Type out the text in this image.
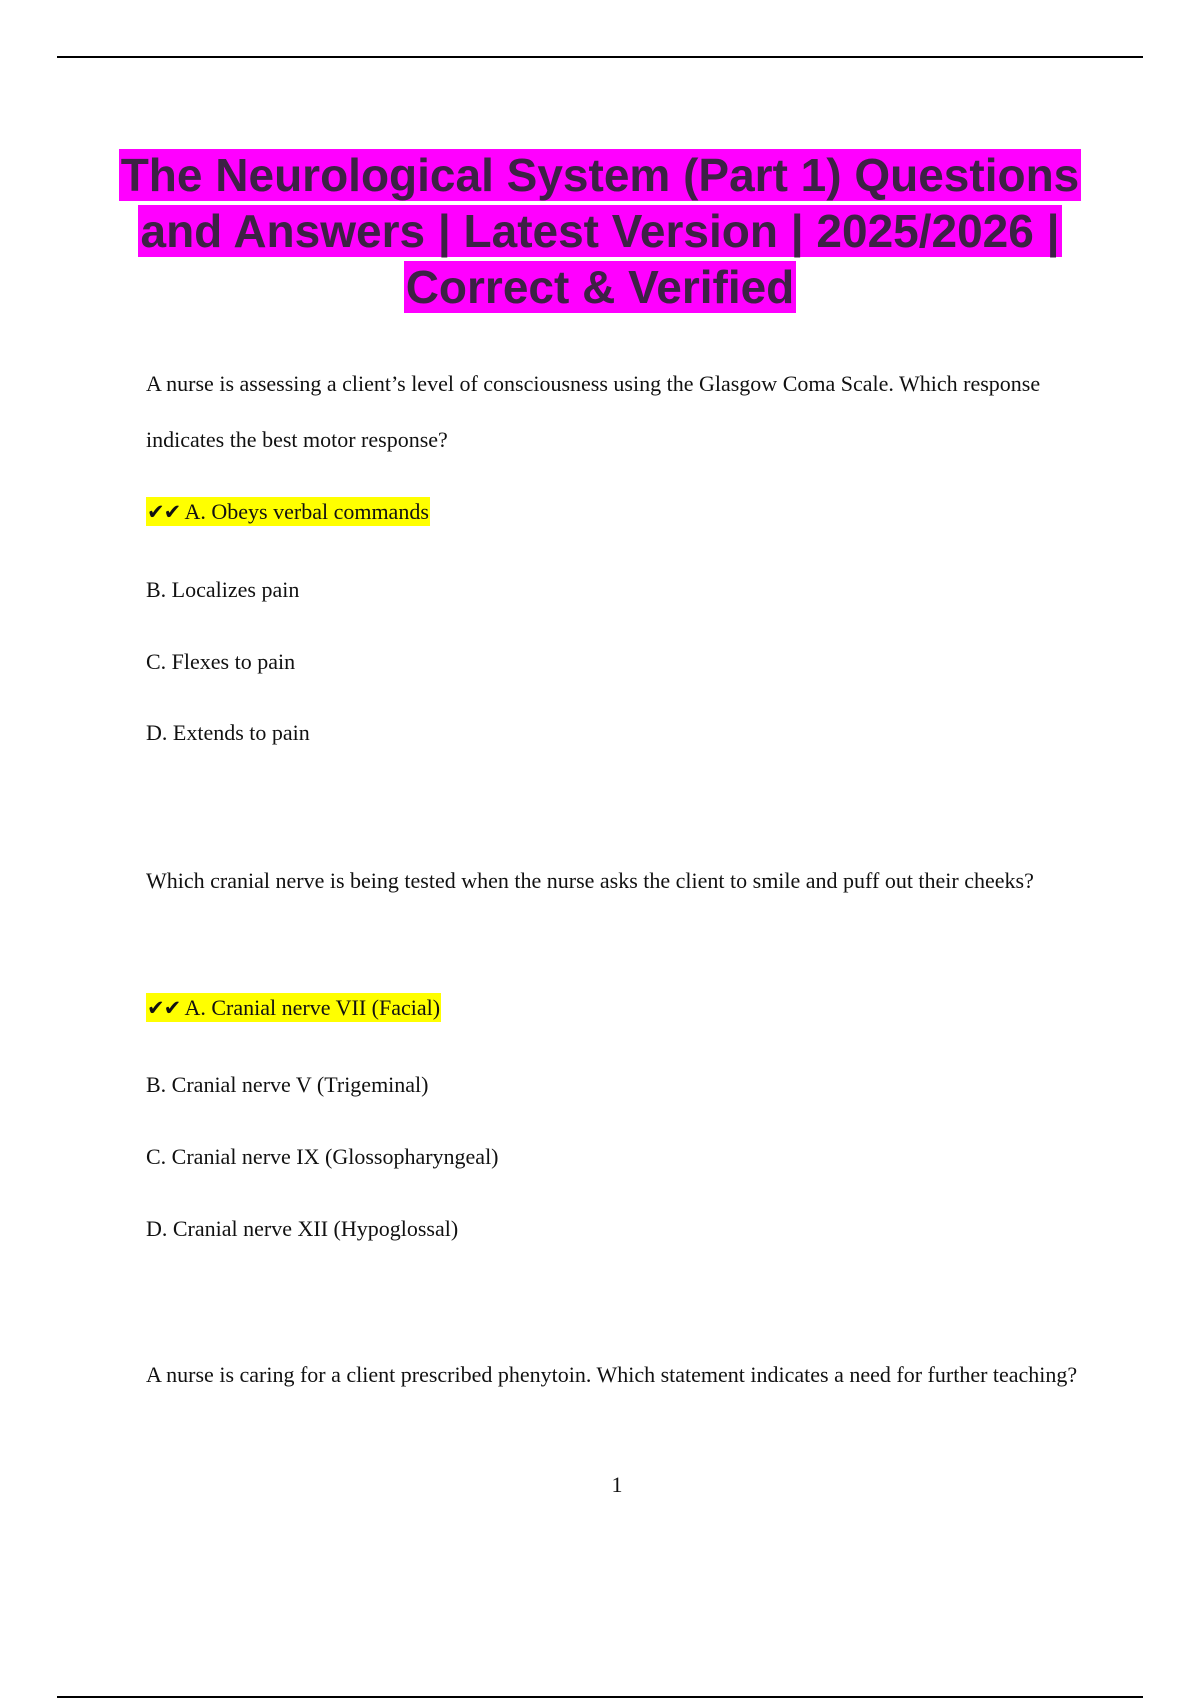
The Neurological System (Part 1) Questions and Answers | Latest Version | 2025/2026 | Correct & Verified

A nurse is assessing a client’s level of consciousness using the Glasgow Coma Scale. Which response indicates the best motor response?

✔✔ A. Obeys verbal commands
B. Localizes pain
C. Flexes to pain
D. Extends to pain

Which cranial nerve is being tested when the nurse asks the client to smile and puff out their cheeks?

✔✔ A. Cranial nerve VII (Facial)
B. Cranial nerve V (Trigeminal)
C. Cranial nerve IX (Glossopharyngeal)
D. Cranial nerve XII (Hypoglossal)

A nurse is caring for a client prescribed phenytoin. Which statement indicates a need for further teaching?

1
